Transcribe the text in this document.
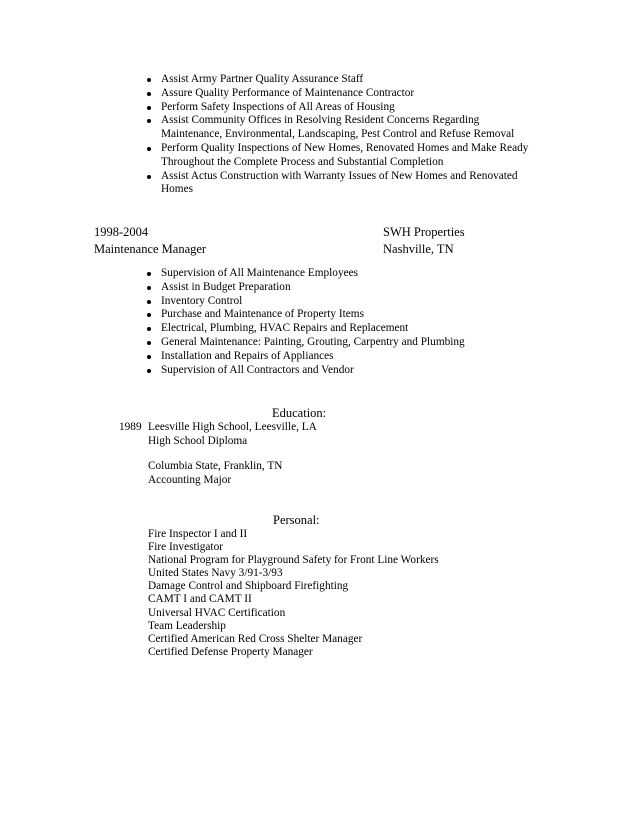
Assist Army Partner Quality Assurance Staff
Assure Quality Performance of Maintenance Contractor
Perform Safety Inspections of All Areas of Housing
Assist Community Offices in Resolving Resident Concerns Regarding Maintenance, Environmental, Landscaping, Pest Control and Refuse Removal
Perform Quality Inspections of New Homes, Renovated Homes and Make Ready Throughout the Complete Process and Substantial Completion
Assist Actus Construction with Warranty Issues of New Homes and Renovated Homes
1998-2004
Maintenance Manager
SWH Properties
Nashville, TN
Supervision of All Maintenance Employees
Assist in Budget Preparation
Inventory Control
Purchase and Maintenance of Property Items
Electrical, Plumbing, HVAC Repairs and Replacement
General Maintenance: Painting, Grouting, Carpentry and Plumbing
Installation and Repairs of Appliances
Supervision of All Contractors and Vendor
Education:
1989 Leesville High School, Leesville, LA
High School Diploma
Columbia State, Franklin, TN
Accounting Major
Personal:
Fire Inspector I and II
Fire Investigator
National Program for Playground Safety for Front Line Workers
United States Navy 3/91-3/93
Damage Control and Shipboard Firefighting
CAMT I and CAMT II
Universal HVAC Certification
Team Leadership
Certified American Red Cross Shelter Manager
Certified Defense Property Manager
